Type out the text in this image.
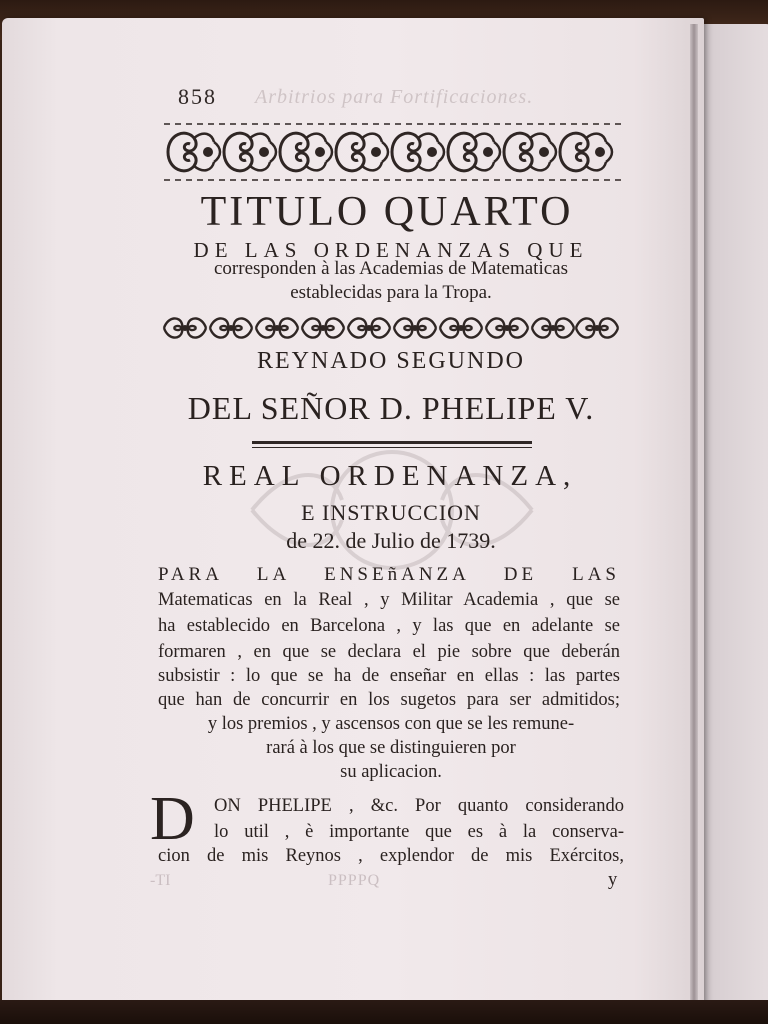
858 Arbitrios para Fortificaciones.
TITULO QUARTO
DE LAS ORDENANZAS QUE
corresponden à las Academias de Matematicas
establecidas para la Tropa.
REYNADO SEGUNDO
DEL SEÑOR D. PHELIPE V.
REAL ORDENANZA,
E INSTRUCCION
de 22. de Julio de 1739.
PARA LA ENSEñANZA DE LAS
Matematicas en la Real , y Militar Academia , que se
ha establecido en Barcelona , y las que en adelante se
formaren , en que se declara el pie sobre que deberán
subsistir : lo que se ha de enseñar en ellas : las partes
que han de concurrir en los sugetos para ser admitidos;
y los premios , y ascensos con que se les remune-
rará à los que se distinguieren por
su aplicacion.
D ON PHELIPE , &c. Por quanto considerando
lo util , è importante que es à la conserva-
cion de mis Reynos , explendor de mis Exércitos,
y
-TI	PPPPQ
